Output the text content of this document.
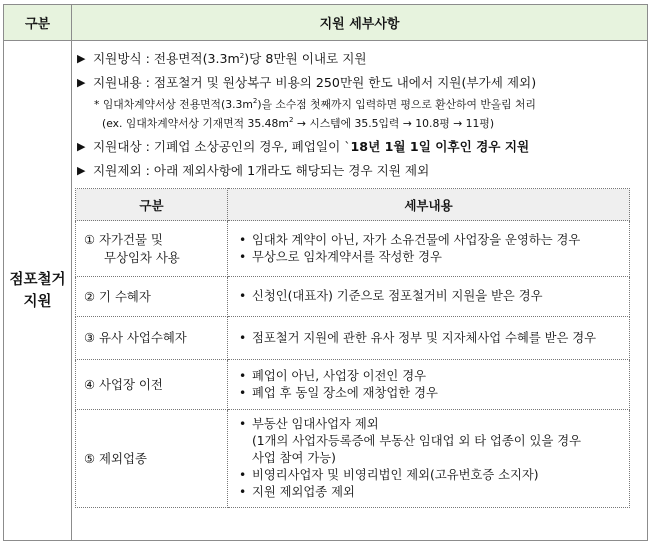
구분	지원 세부사항

점포철거
지원

▶ 지원방식 : 전용면적$(3.3m^2)$당 8만원 이내로 지원
▶ 지원내용 : 점포철거 및 원상복구 비용의 250만원 한도 내에서 지원(부가세 제외)
* 임대차계약서상 전용면적$(3.3m^2)$을 소수점 첫째까지 입력하면 평으로 환산하여 반올림 처리
(ex. 임대차계약서상 기재면적 $35.48m^2$ → 시스템에 35.5입력 → 10.8평 → 11평)
▶ 지원대상 : 기폐업 소상공인의 경우, 폐업일이 `18년 1월 1일 이후인 경우 지원
▶ 지원제외 : 아래 제외사항에 1개라도 해당되는 경우 지원 제외
구분	세부내용

① 자가건물 및
무상임차 사용

• 임대차 계약이 아닌, 자가 소유건물에 사업장을 운영하는 경우
• 무상으로 임차계약서를 작성한 경우

② 기 수혜자	
•신청인(대표자) 기준으로 점포철거비 지원을 받은 경우

③ 유사 사업수혜자	
•점포철거 지원에 관한 유사 정부 및 지자체사업 수혜를 받은 경우

④ 사업장 이전	
• 폐업이 아닌, 사업장 이전인 경우
• 폐업 후 동일 장소에 재창업한 경우

⑤ 제외업종	
• 부동산 임대사업자 제외
(1개의 사업자등록증에 부동산 임대업 외 타 업종이 있을 경우
사업 참여 가능)
• 비영리사업자 및 비영리법인 제외(고유번호증 소지자)
• 지원 제외업종 제외
